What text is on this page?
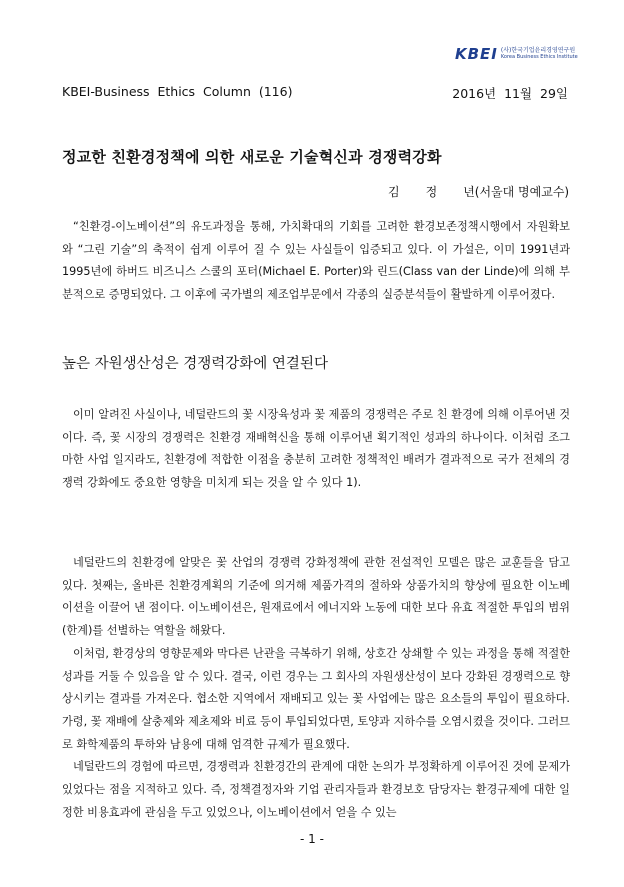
KBEI (사)한국기업윤리경영연구원
Korea Business Ethics Institute
KBEI-Business  Ethics  Column  (116)	2016년  11월  29일
정교한 친환경정책에 의한 새로운 기술혁신과 경쟁력강화
김 정 년(서울대 명예교수)

“친환경-이노베이션”의 유도과정을 통해, 가치확대의 기회를 고려한 환경보존정책시행에서 자원확보와 “그린 기술”의 축적이 쉽게 이루어 질 수 있는 사실들이 입증되고 있다. 이 가설은, 이미 1991년과 1995년에 하버드 비즈니스 스쿨의 포터(Michael E. Porter)와 린드(Class van der Linde)에 의해 부분적으로 증명되었다. 그 이후에 국가별의 제조업부문에서 각종의 실증분석들이 활발하게 이루어졌다.

높은 자원생산성은 경쟁력강화에 연결된다

이미 알려진 사실이나, 네덜란드의 꽃 시장육성과 꽃 제품의 경쟁력은 주로 친 환경에 의해 이루어낸 것이다. 즉, 꽃 시장의 경쟁력은 친환경 재배혁신을 통해 이루어낸 획기적인 성과의 하나이다. 이처럼 조그마한 사업 일지라도, 친환경에 적합한 이점을 충분히 고려한 정책적인 배려가 결과적으로 국가 전체의 경쟁력 강화에도 중요한 영향을 미치게 되는 것을 알 수 있다 1).

네덜란드의 친환경에 알맞은 꽃 산업의 경쟁력 강화정책에 관한 전설적인 모델은 많은 교훈들을 담고 있다. 첫째는, 올바른 친환경계획의 기준에 의거해 제품가격의 절하와 상품가치의 향상에 필요한 이노베이션을 이끌어 낸 점이다. 이노베이션은, 원재료에서 에너지와 노동에 대한 보다 유효 적절한 투입의 범위(한계)를 선별하는 역할을 해왔다.

이처럼, 환경상의 영향문제와 막다른 난관을 극복하기 위해, 상호간 상쇄할 수 있는 과정을 통해 적절한 성과를 거둘 수 있음을 알 수 있다. 결국, 이런 경우는 그 회사의 자원생산성이 보다 강화된 경쟁력으로 향상시키는 결과를 가져온다. 협소한 지역에서 재배되고 있는 꽃 사업에는 많은 요소들의 투입이 필요하다. 가령, 꽃 재배에 살충제와 제초제와 비료 등이 투입되었다면, 토양과 지하수를 오염시켰을 것이다. 그러므로 화학제품의 투하와 남용에 대해 엄격한 규제가 필요했다.

네덜란드의 경험에 따르면, 경쟁력과 친환경간의 관계에 대한 논의가 부정확하게 이루어진 것에 문제가 있었다는 점을 지적하고 있다. 즉, 정책결정자와 기업 관리자들과 환경보호 담당자는 환경규제에 대한 일정한 비용효과에 관심을 두고 있었으나, 이노베이션에서 얻을 수 있는

- 1 -
